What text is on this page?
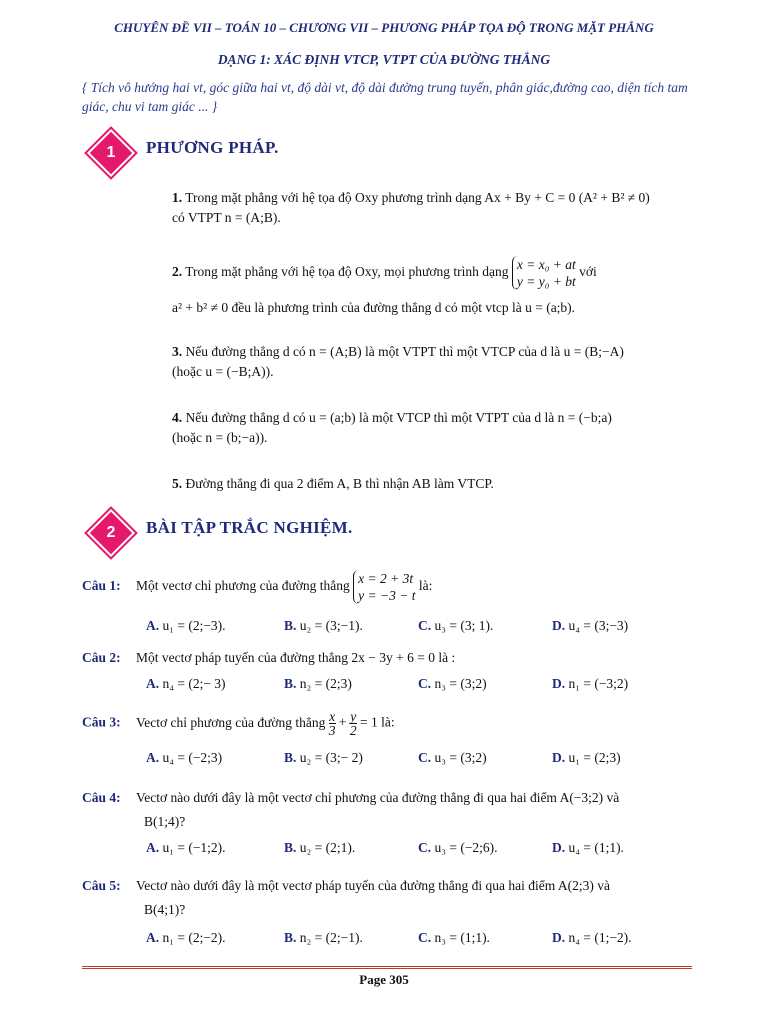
CHUYÊN ĐỀ VII – TOÁN 10 – CHƯƠNG VII – PHƯƠNG PHÁP TỌA ĐỘ TRONG MẶT PHẲNG
DẠNG 1: XÁC ĐỊNH VTCP, VTPT CỦA ĐƯỜNG THẲNG
{ Tích vô hướng hai vt, góc giữa hai vt, độ dài vt, độ dài đường trung tuyến, phân giác,đường cao, diện tích tam giác, chu vi tam giác ... }
1	PHƯƠNG PHÁP.
1. Trong mặt phẳng với hệ tọa độ Oxy phương trình dạng Ax + By + C = 0 (A² + B² ≠ 0)
có VTPT n = (A;B).
2. Trong mặt phẳng với hệ tọa độ Oxy, mọi phương trình dạng x = x₀ + at
y = y₀ + bt với

a² + b² ≠ 0 đều là phương trình của đường thẳng d có một vtcp là u = (a;b).
3. Nếu đường thẳng d có n = (A;B) là một VTPT thì một VTCP của d là u = (B;−A)
(hoặc u = (−B;A)).
4. Nếu đường thẳng d có u = (a;b) là một VTCP thì một VTPT của d là n = (−b;a)
(hoặc n = (b;−a)).
5. Đường thẳng đi qua 2 điểm A, B thì nhận AB làm VTCP.
2	BÀI TẬP TRẮC NGHIỆM.
Câu 1: Một vectơ chỉ phương của đường thẳng x = 2 + 3t
y = −3 − t là:
A. u₁ = (2;−3).	B. u₂ = (3;−1).	C. u₃ = (3; 1).	D. u₄ = (3;−3)
Câu 2: Một vectơ pháp tuyến của đường thẳng 2x − 3y + 6 = 0 là :
A. n₄ = (2;− 3)	B. n₂ = (2;3)	C. n₃ = (3;2)	D. n₁ = (−3;2)
Câu 3: Vectơ chỉ phương của đường thẳng $\frac{x}{3} + \frac{y}{2} = 1$ là:
A. u₄ = (−2;3)	B. u₂ = (3;− 2)	C. u₃ = (3;2)	D. u₁ = (2;3)
Câu 4: Vectơ nào dưới đây là một vectơ chỉ phương của đường thẳng đi qua hai điểm A(−3;2) và
B(1;4)?
A. u₁ = (−1;2).	B. u₂ = (2;1).	C. u₃ = (−2;6).	D. u₄ = (1;1).
Câu 5: Vectơ nào dưới đây là một vectơ pháp tuyến của đường thẳng đi qua hai điểm A(2;3) và
B(4;1)?
A. n₁ = (2;−2).	B. n₂ = (2;−1).	C. n₃ = (1;1).	D. n₄ = (1;−2).
Page 305
